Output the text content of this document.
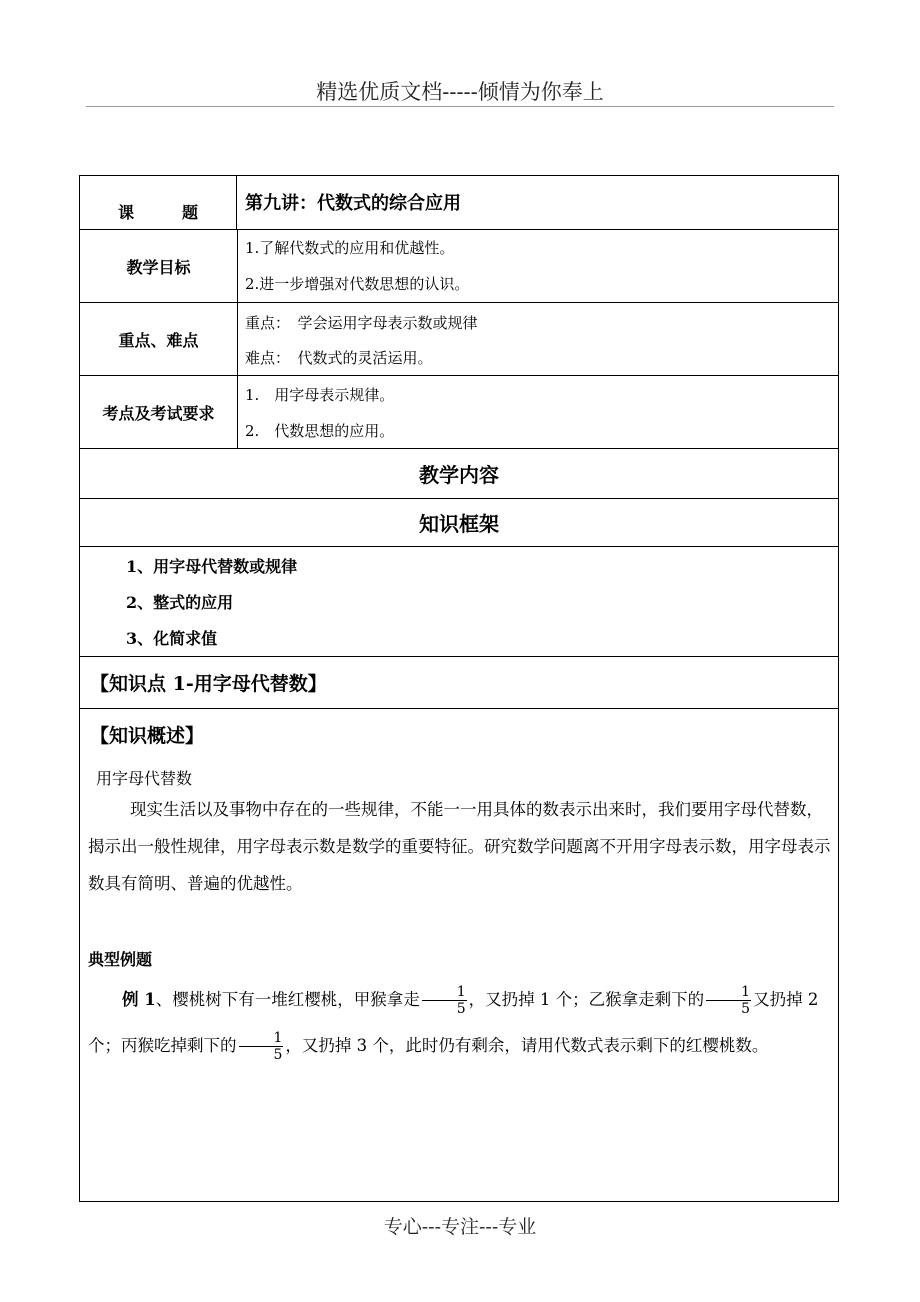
精选优质文档-----倾情为你奉上
课　　　题	第九讲：代数式的综合应用
教学目标
1.了解代数式的应用和优越性。
2.进一步增强对代数思想的认识。
重点、难点
重点：　学会运用字母表示数或规律
难点：　代数式的灵活运用。
考点及考试要求
1.　用字母表示规律。
2.　代数思想的应用。
教学内容
知识框架
1、用字母代替数或规律
2、整式的应用
3、化简求值
【知识点 1-用字母代替数】
【知识概述】
用字母代替数
现实生活以及事物中存在的一些规律，不能一一用具体的数表示出来时，我们要用字母代替数，揭示出一般性规律，用字母表示数是数学的重要特征。研究数学问题离不开用字母表示数，用字母表示数具有简明、普遍的优越性。
典型例题
例 1、樱桃树下有一堆红樱桃，甲猴拿走 $\frac{1}{5}$ ，又扔掉 1 个；乙猴拿走剩下的 $\frac{1}{5}$ 又扔掉 2 个；丙猴吃掉剩下的 $\frac{1}{5}$ ，又扔掉 3 个，此时仍有剩余，请用代数式表示剩下的红樱桃数。
专心---专注---专业
